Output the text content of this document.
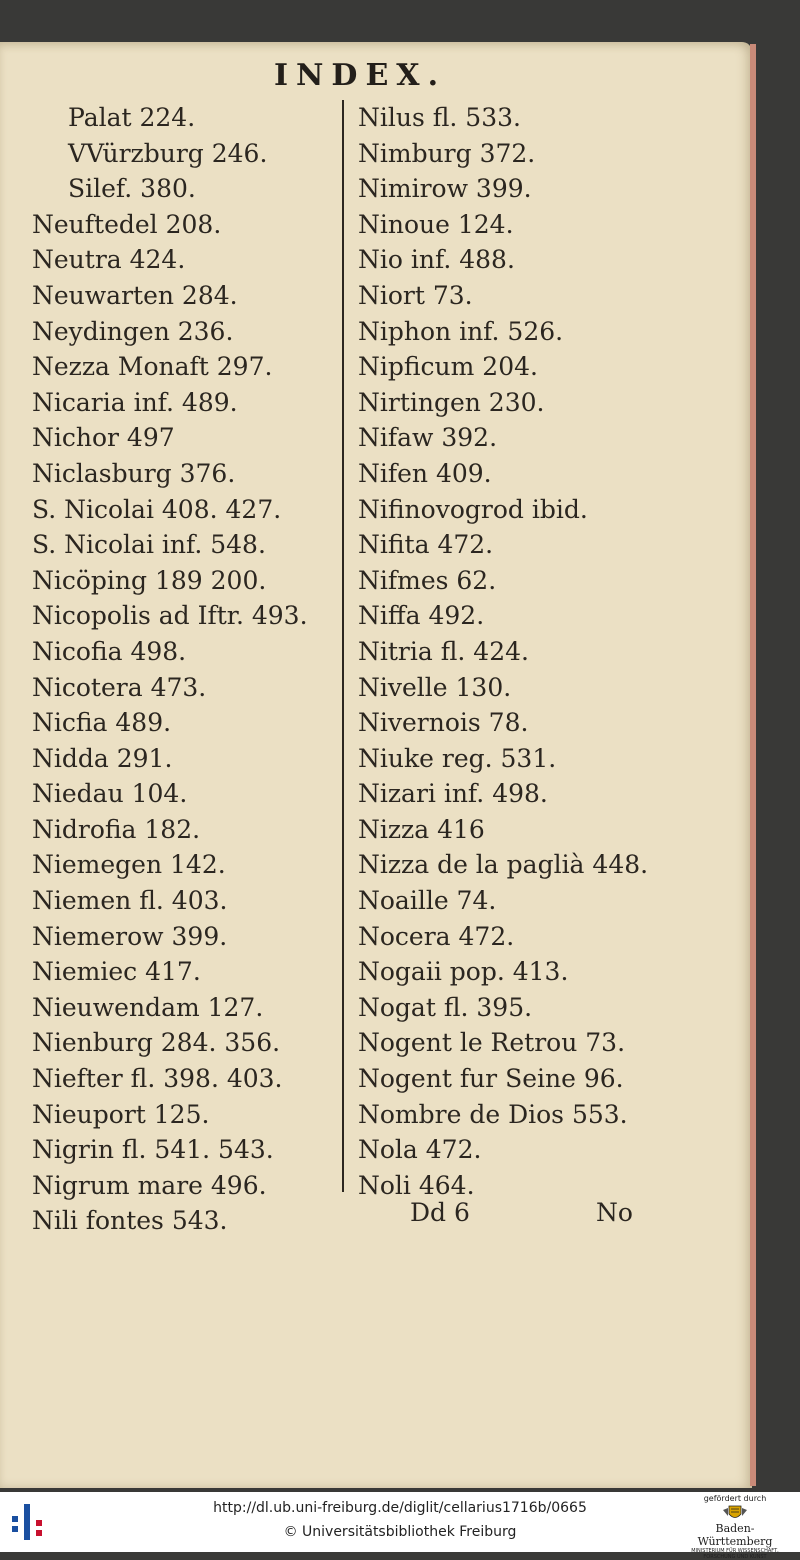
INDEX.
Palat 224.
VVürzburg 246.
Silef. 380.
Neuftedel 208.
Neutra 424.
Neuwarten 284.
Neydingen 236.
Nezza Monaft 297.
Nicaria inf. 489.
Nichor 497
Niclasburg 376.
S. Nicolai 408. 427.
S. Nicolai inf. 548.
Nicöping 189 200.
Nicopolis ad Iftr. 493.
Nicofia 498.
Nicotera 473.
Nicfia 489.
Nidda 291.
Niedau 104.
Nidrofia 182.
Niemegen 142.
Niemen fl. 403.
Niemerow 399.
Niemiec 417.
Nieuwendam 127.
Nienburg 284. 356.
Niefter fl. 398. 403.
Nieuport 125.
Nigrin fl. 541. 543.
Nigrum mare 496.
Nili fontes 543.
Nilus fl. 533.
Nimburg 372.
Nimirow 399.
Ninoue 124.
Nio inf. 488.
Niort 73.
Niphon inf. 526.
Nipficum 204.
Nirtingen 230.
Nifaw 392.
Nifen 409.
Nifinovogrod ibid.
Nifita 472.
Nifmes 62.
Niffa 492.
Nitria fl. 424.
Nivelle 130.
Nivernois 78.
Niuke reg. 531.
Nizari inf. 498.
Nizza 416
Nizza de la paglià 448.
Noaille 74.
Nocera 472.
Nogaii pop. 413.
Nogat fl. 395.
Nogent le Retrou 73.
Nogent fur Seine 96.
Nombre de Dios 553.
Nola 472.
Noli 464.
Dd 6	No
http://dl.ub.uni-freiburg.de/diglit/cellarius1716b/0665
© Universitätsbibliothek Freiburg
gefördert durch
Baden-Württemberg
MINISTERIUM FÜR WISSENSCHAFT, FORSCHUNG UND KUNST
